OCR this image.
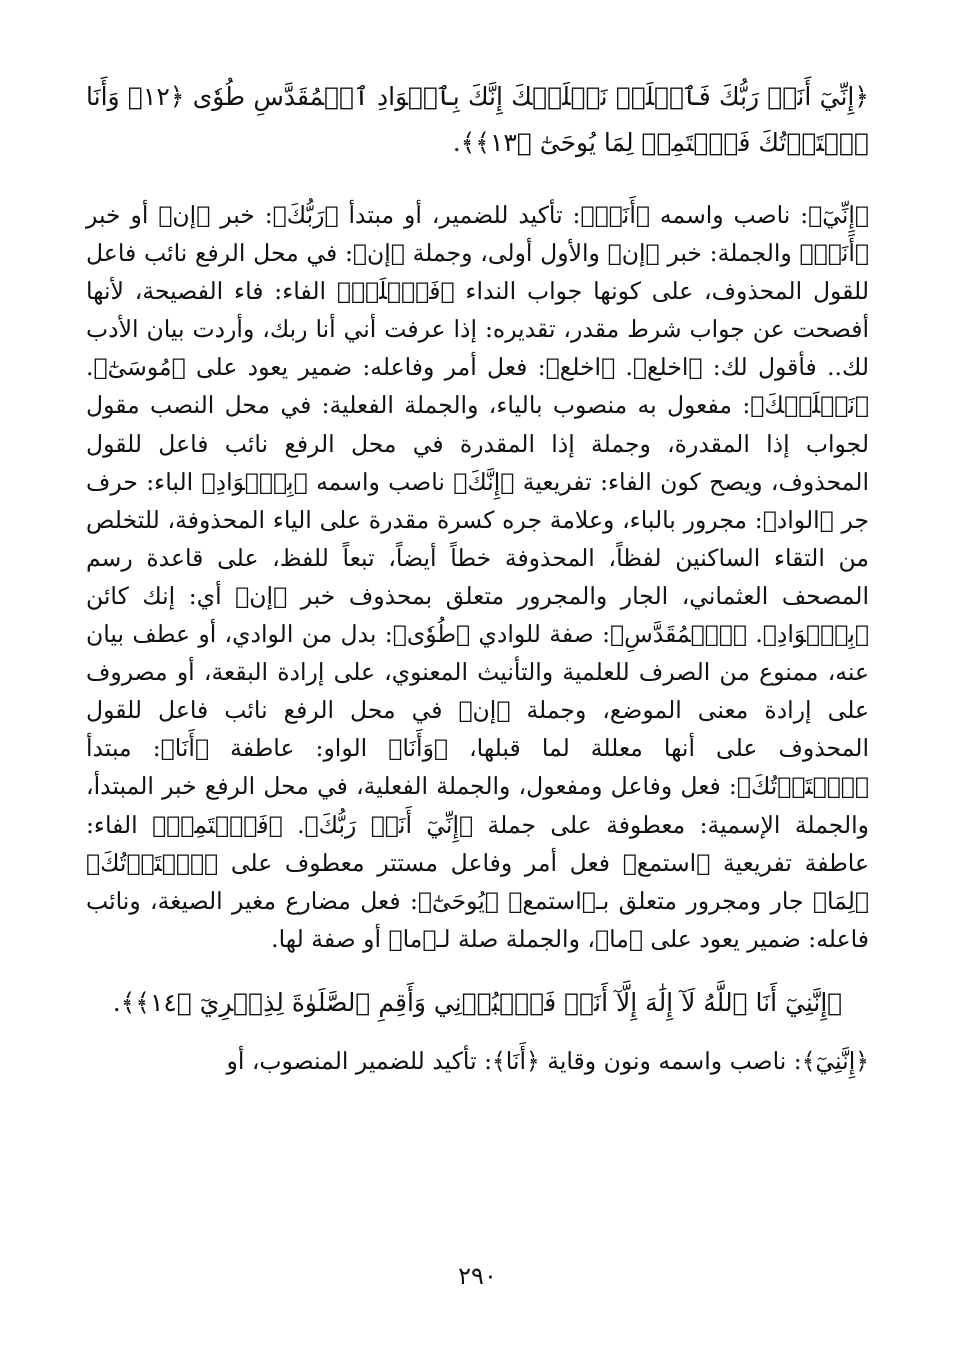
﴿إِنِّيٓ أَنَا۠ رَبُّكَ فَٱخۡلَعۡ نَعۡلَيۡكَ إِنَّكَ بِٱلۡوَادِ ٱلۡمُقَدَّسِ طُوٗى ﴿١٢﴾ وَأَنَا ٱخۡتَرۡتُكَ فَٱسۡتَمِعۡ لِمَا يُوحَىٰٓ ﴿١٣﴾﴾.

﴿إِنِّيٓ﴾: ناصب واسمه ﴿أَنَا۠﴾: تأكيد للضمير، أو مبتدأ ﴿رَبُّكَ﴾: خبر ﴿إن﴾ أو خبر ﴿أَنَا۠﴾ والجملة: خبر ﴿إن﴾ والأول أولى، وجملة ﴿إن﴾: في محل الرفع نائب فاعل للقول المحذوف، على كونها جواب النداء ﴿فَٱخۡلَعۡ﴾ الفاء: فاء الفصيحة، لأنها أفصحت عن جواب شرط مقدر، تقديره: إذا عرفت أني أنا ربك، وأردت بيان الأدب لك.. فأقول لك: ﴿اخلع﴾. ﴿اخلع﴾: فعل أمر وفاعله: ضمير يعود على ﴿مُوسَىٰٓ﴾. ﴿نَعۡلَيۡكَ﴾: مفعول به منصوب بالياء، والجملة الفعلية: في محل النصب مقول لجواب إذا المقدرة، وجملة إذا المقدرة في محل الرفع نائب فاعل للقول المحذوف، ويصح كون الفاء: تفريعية ﴿إِنَّكَ﴾ ناصب واسمه ﴿بِٱلۡوَادِ﴾ الباء: حرف جر ﴿الواد﴾: مجرور بالباء، وعلامة جره كسرة مقدرة على الياء المحذوفة، للتخلص من التقاء الساكنين لفظاً، المحذوفة خطاً أيضاً، تبعاً للفظ، على قاعدة رسم المصحف العثماني، الجار والمجرور متعلق بمحذوف خبر ﴿إن﴾ أي: إنك كائن ﴿بِٱلۡوَادِ﴾. ﴿ٱلۡمُقَدَّسِ﴾: صفة للوادي ﴿طُوٗى﴾: بدل من الوادي، أو عطف بيان عنه، ممنوع من الصرف للعلمية والتأنيث المعنوي، على إرادة البقعة، أو مصروف على إرادة معنى الموضع، وجملة ﴿إن﴾ في محل الرفع نائب فاعل للقول المحذوف على أنها معللة لما قبلها، ﴿وَأَنَا﴾ الواو: عاطفة ﴿أَنَا﴾: مبتدأ ﴿ٱخۡتَرۡتُكَ﴾: فعل وفاعل ومفعول، والجملة الفعلية، في محل الرفع خبر المبتدأ، والجملة الإسمية: معطوفة على جملة ﴿إِنِّيٓ أَنَا۠ رَبُّكَ﴾. ﴿فَٱسۡتَمِعۡ﴾ الفاء: عاطفة تفريعية ﴿استمع﴾ فعل أمر وفاعل مستتر معطوف على ﴿ٱخۡتَرۡتُكَ﴾ ﴿لِمَا﴾ جار ومجرور متعلق بـ﴿استمع﴾ ﴿يُوحَىٰٓ﴾: فعل مضارع مغير الصيغة، ونائب فاعله: ضمير يعود على ﴿ما﴾، والجملة صلة لـ﴿ما﴾ أو صفة لها.

﴿إِنَّنِيٓ أَنَا ٱللَّهُ لَآ إِلَٰهَ إِلَّآ أَنَا۠ فَٱعۡبُدۡنِي وَأَقِمِ ٱلصَّلَوٰةَ لِذِكۡرِيٓ ﴿١٤﴾﴾.

﴿إِنَّنِيٓ﴾: ناصب واسمه ونون وقاية ﴿أَنَا﴾: تأكيد للضمير المنصوب، أو

٢٩٠
